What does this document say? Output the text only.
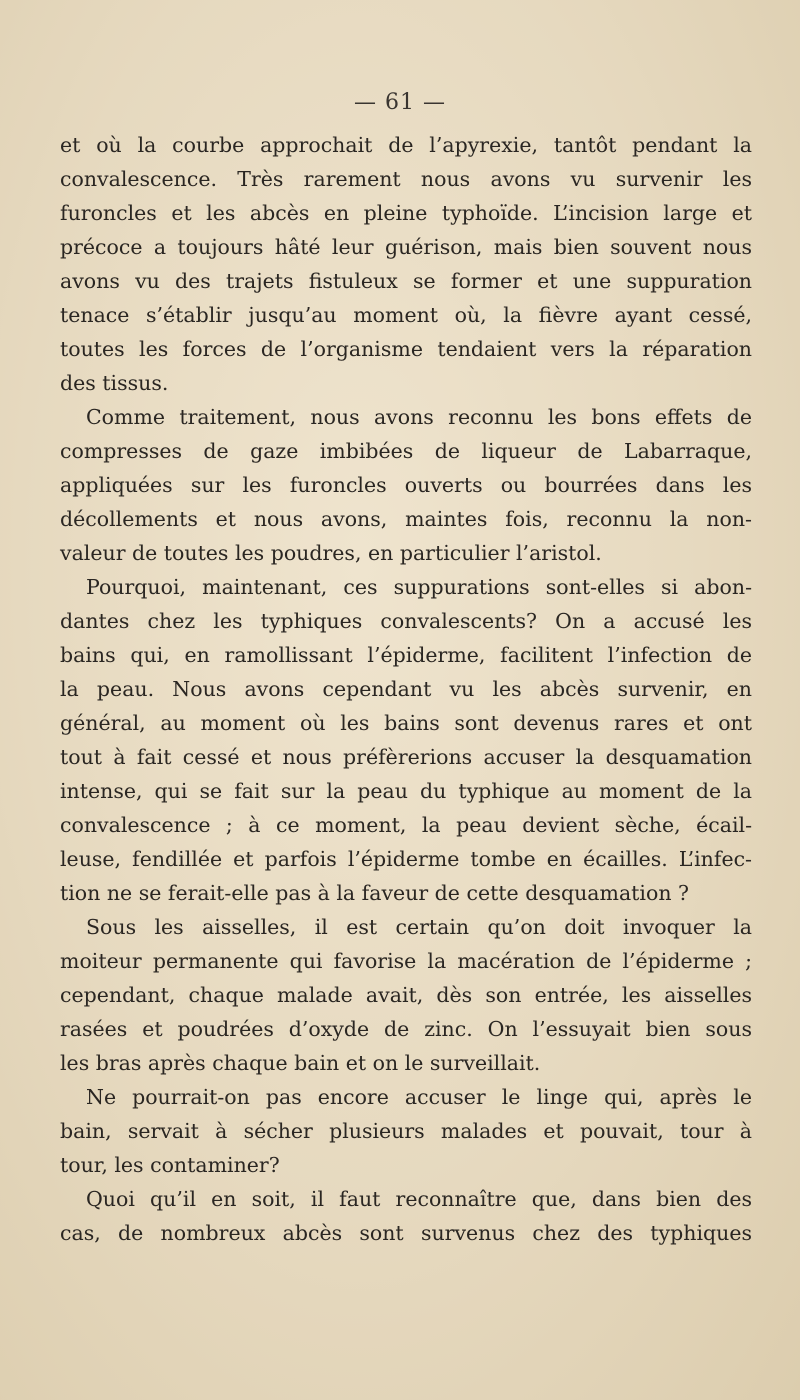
— 61 —

et où la courbe approchait de l’apyrexie, tantôt pendant la
convalescence. Très rarement nous avons vu survenir les
furoncles et les abcès en pleine typhoïde. L’incision large et
précoce a toujours hâté leur guérison, mais bien souvent nous
avons vu des trajets fistuleux se former et une suppuration
tenace s’établir jusqu’au moment où, la fièvre ayant cessé,
toutes les forces de l’organisme tendaient vers la réparation
des tissus.

Comme traitement, nous avons reconnu les bons effets de
compresses de gaze imbibées de liqueur de Labarraque,
appliquées sur les furoncles ouverts ou bourrées dans les
décollements et nous avons, maintes fois, reconnu la non-
valeur de toutes les poudres, en particulier l’aristol.

Pourquoi, maintenant, ces suppurations sont-elles si abon-
dantes chez les typhiques convalescents? On a accusé les
bains qui, en ramollissant l’épiderme, facilitent l’infection de
la peau. Nous avons cependant vu les abcès survenir, en
général, au moment où les bains sont devenus rares et ont
tout à fait cessé et nous préfèrerions accuser la desquamation
intense, qui se fait sur la peau du typhique au moment de la
convalescence ; à ce moment, la peau devient sèche, écail-
leuse, fendillée et parfois l’épiderme tombe en écailles. L’infec-
tion ne se ferait-elle pas à la faveur de cette desquamation ?

Sous les aisselles, il est certain qu’on doit invoquer la
moiteur permanente qui favorise la macération de l’épiderme ;
cependant, chaque malade avait, dès son entrée, les aisselles
rasées et poudrées d’oxyde de zinc. On l’essuyait bien sous
les bras après chaque bain et on le surveillait.

Ne pourrait-on pas encore accuser le linge qui, après le
bain, servait à sécher plusieurs malades et pouvait, tour à
tour, les contaminer?

Quoi qu’il en soit, il faut reconnaître que, dans bien des
cas, de nombreux abcès sont survenus chez des typhiques
